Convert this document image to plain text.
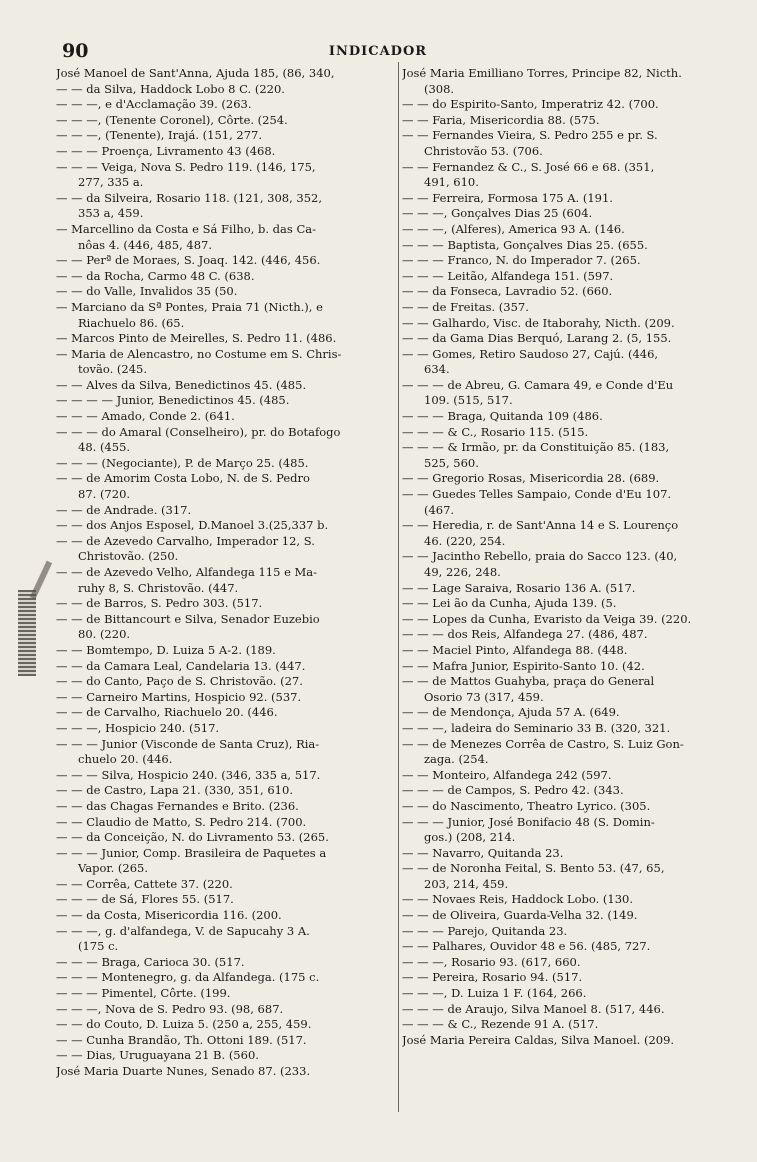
90	INDICADOR
José Manoel de Sant'Anna, Ajuda 185, (86, 340,
— — da Silva, Haddock Lobo 8 C. (220.
— — —, e d'Acclamação 39. (263.
— — —, (Tenente Coronel), Côrte. (254.
— — —, (Tenente), Irajá. (151, 277.
— — — Proença, Livramento 43 (468.
— — — Veiga, Nova S. Pedro 119. (146, 175,
277, 335 a.
— — da Silveira, Rosario 118. (121, 308, 352,
353 a, 459.
— Marcellino da Costa e Sá Filho, b. das Ca-
nôas 4. (446, 485, 487.
— — Perª de Moraes, S. Joaq. 142. (446, 456.
— — da Rocha, Carmo 48 C. (638.
— — do Valle, Invalidos 35 (50.
— Marciano da Sª Pontes, Praia 71 (Nicth.), e
Riachuelo 86. (65.
— Marcos Pinto de Meirelles, S. Pedro 11. (486.
— Maria de Alencastro, no Costume em S. Chris-
tovão. (245.
— — Alves da Silva, Benedictinos 45. (485.
— — — — Junior, Benedictinos 45. (485.
— — — Amado, Conde 2. (641.
— — — do Amaral (Conselheiro), pr. do Botafogo
48. (455.
— — — (Negociante), P. de Março 25. (485.
— — de Amorim Costa Lobo, N. de S. Pedro
87. (720.
— — de Andrade. (317.
— — dos Anjos Esposel, D.Manoel 3.(25,337 b.
— — de Azevedo Carvalho, Imperador 12, S.
Christovão. (250.
— — de Azevedo Velho, Alfandega 115 e Ma-
ruhy 8, S. Christovão. (447.
— — de Barros, S. Pedro 303. (517.
— — de Bittancourt e Silva, Senador Euzebio
80. (220.
— — Bomtempo, D. Luiza 5 A-2. (189.
— — da Camara Leal, Candelaria 13. (447.
— — do Canto, Paço de S. Christovão. (27.
— — Carneiro Martins, Hospicio 92. (537.
— — de Carvalho, Riachuelo 20. (446.
— — —, Hospicio 240. (517.
— — — Junior (Visconde de Santa Cruz), Ria-
chuelo 20. (446.
— — — Silva, Hospicio 240. (346, 335 a, 517.
— — de Castro, Lapa 21. (330, 351, 610.
— — das Chagas Fernandes e Brito. (236.
— — Claudio de Matto, S. Pedro 214. (700.
— — da Conceição, N. do Livramento 53. (265.
— — — Junior, Comp. Brasileira de Paquetes a
Vapor. (265.
— — Corrêa, Cattete 37. (220.
— — — de Sá, Flores 55. (517.
— — da Costa, Misericordia 116. (200.
— — —, g. d'alfandega, V. de Sapucahy 3 A.
(175 c.
— — — Braga, Carioca 30. (517.
— — — Montenegro, g. da Alfandega. (175 c.
— — — Pimentel, Côrte. (199.
— — —, Nova de S. Pedro 93. (98, 687.
— — do Couto, D. Luiza 5. (250 a, 255, 459.
— — Cunha Brandão, Th. Ottoni 189. (517.
— — Dias, Uruguayana 21 B. (560.
José Maria Duarte Nunes, Senado 87. (233.
José Maria Emilliano Torres, Principe 82, Nicth.
(308.
— — do Espirito-Santo, Imperatriz 42. (700.
— — Faria, Misericordia 88. (575.
— — Fernandes Vieira, S. Pedro 255 e pr. S.
Christovão 53. (706.
— — Fernandez & C., S. José 66 e 68. (351,
491, 610.
— — Ferreira, Formosa 175 A. (191.
— — —, Gonçalves Dias 25 (604.
— — —, (Alferes), America 93 A. (146.
— — — Baptista, Gonçalves Dias 25. (655.
— — — Franco, N. do Imperador 7. (265.
— — — Leitão, Alfandega 151. (597.
— — da Fonseca, Lavradio 52. (660.
— — de Freitas. (357.
— — Galhardo, Visc. de Itaborahy, Nicth. (209.
— — da Gama Dias Berquó, Larang 2. (5, 155.
— — Gomes, Retiro Saudoso 27, Cajú. (446,
634.
— — — de Abreu, G. Camara 49, e Conde d'Eu
109. (515, 517.
— — — Braga, Quitanda 109 (486.
— — — & C., Rosario 115. (515.
— — — & Irmão, pr. da Constituição 85. (183,
525, 560.
— — Gregorio Rosas, Misericordia 28. (689.
— — Guedes Telles Sampaio, Conde d'Eu 107.
(467.
— — Heredia, r. de Sant'Anna 14 e S. Lourenço
46. (220, 254.
— — Jacintho Rebello, praia do Sacco 123. (40,
49, 226, 248.
— — Lage Saraiva, Rosario 136 A. (517.
— — Lei ão da Cunha, Ajuda 139. (5.
— — Lopes da Cunha, Evaristo da Veiga 39. (220.
— — — dos Reis, Alfandega 27. (486, 487.
— — Maciel Pinto, Alfandega 88. (448.
— — Mafra Junior, Espirito-Santo 10. (42.
— — de Mattos Guahyba, praça do General
Osorio 73 (317, 459.
— — de Mendonça, Ajuda 57 A. (649.
— — —, ladeira do Seminario 33 B. (320, 321.
— — de Menezes Corrêa de Castro, S. Luiz Gon-
zaga. (254.
— — Monteiro, Alfandega 242 (597.
— — — de Campos, S. Pedro 42. (343.
— — do Nascimento, Theatro Lyrico. (305.
— — — Junior, José Bonifacio 48 (S. Domin-
gos.) (208, 214.
— — Navarro, Quitanda 23.
— — de Noronha Feital, S. Bento 53. (47, 65,
203, 214, 459.
— — Novaes Reis, Haddock Lobo. (130.
— — de Oliveira, Guarda-Velha 32. (149.
— — — Parejo, Quitanda 23.
— — Palhares, Ouvidor 48 e 56. (485, 727.
— — —, Rosario 93. (617, 660.
— — Pereira, Rosario 94. (517.
— — —, D. Luiza 1 F. (164, 266.
— — — de Araujo, Silva Manoel 8. (517, 446.
— — — & C., Rezende 91 A. (517.
José Maria Pereira Caldas, Silva Manoel. (209.
